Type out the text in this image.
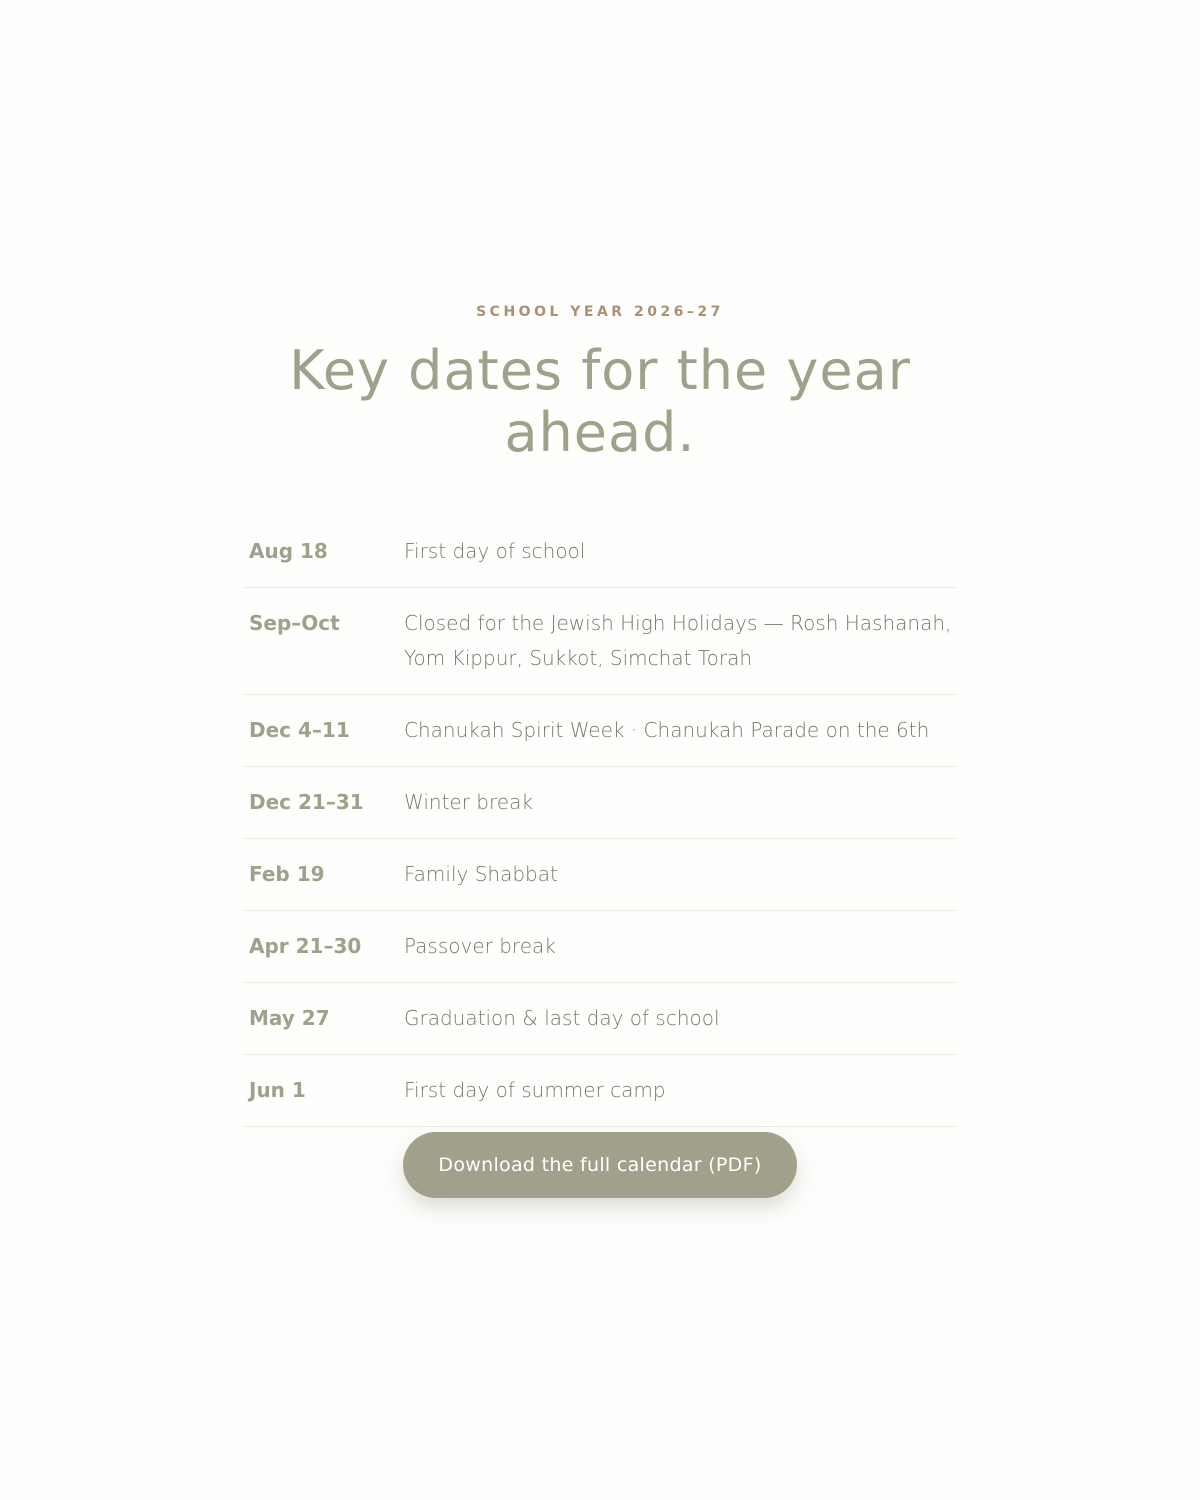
SCHOOL YEAR 2026–27
Key dates for the year ahead.
Aug 18	First day of school
Sep–Oct	Closed for the Jewish High Holidays — Rosh Hashanah, Yom Kippur, Sukkot, Simchat Torah
Dec 4–11	Chanukah Spirit Week · Chanukah Parade on the 6th
Dec 21–31	Winter break
Feb 19	Family Shabbat
Apr 21–30	Passover break
May 27	Graduation & last day of school
Jun 1	First day of summer camp
Download the full calendar (PDF)
